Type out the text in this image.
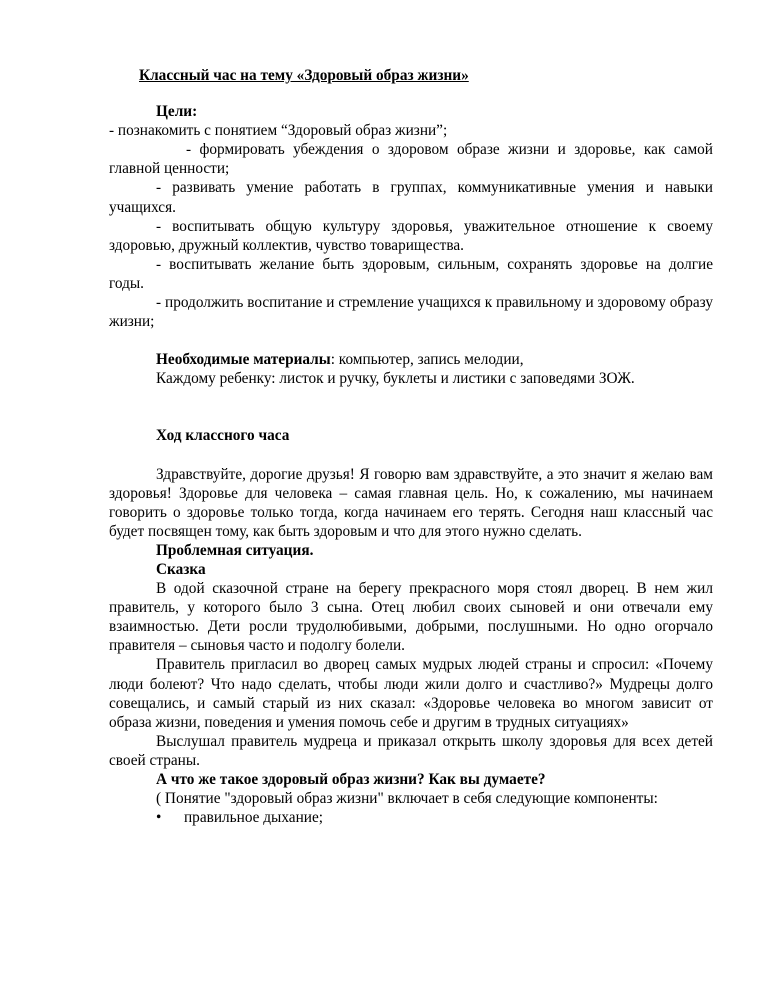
Классный час на тему «Здоровый образ жизни»

Цели:

- познакомить с понятием “Здоровый образ жизни”;

- формировать убеждения о здоровом образе жизни и здоровье, как самой главной ценности;

- развивать умение работать в группах, коммуникативные умения и навыки учащихся.

- воспитывать общую культуру здоровья, уважительное отношение к своему здоровью, дружный коллектив, чувство товарищества.

- воспитывать желание быть здоровым, сильным, сохранять здоровье на долгие годы.

- продолжить воспитание и стремление учащихся к правильному и здоровому образу жизни;

Необходимые материалы: компьютер, запись мелодии,

Каждому ребенку: листок и ручку, буклеты и листики с заповедями ЗОЖ.

Ход классного часа

Здравствуйте, дорогие друзья! Я говорю вам здравствуйте, а это значит я желаю вам здоровья! Здоровье для человека – самая главная цель. Но, к сожалению, мы начинаем говорить о здоровье только тогда, когда начинаем его терять. Сегодня наш классный час будет посвящен тому, как быть здоровым и что для этого нужно сделать.

Проблемная ситуация.

Сказка

В одой сказочной стране на берегу прекрасного моря стоял дворец. В нем жил правитель, у которого было 3 сына. Отец любил своих сыновей и они отвечали ему взаимностью. Дети росли трудолюбивыми, добрыми, послушными. Но одно огорчало правителя – сыновья часто и подолгу болели.

Правитель пригласил во дворец самых мудрых людей страны и спросил: «Почему люди болеют? Что надо сделать, чтобы люди жили долго и счастливо?» Мудрецы долго совещались, и самый старый из них сказал: «Здоровье человека во многом зависит от образа жизни, поведения и умения помочь себе и другим в трудных ситуациях»

Выслушал правитель мудреца и приказал открыть школу здоровья для всех детей своей страны.

А что же такое здоровый образ жизни? Как вы думаете?

( Понятие "здоровый образ жизни" включает в себя следующие компоненты:

•	правильное дыхание;
